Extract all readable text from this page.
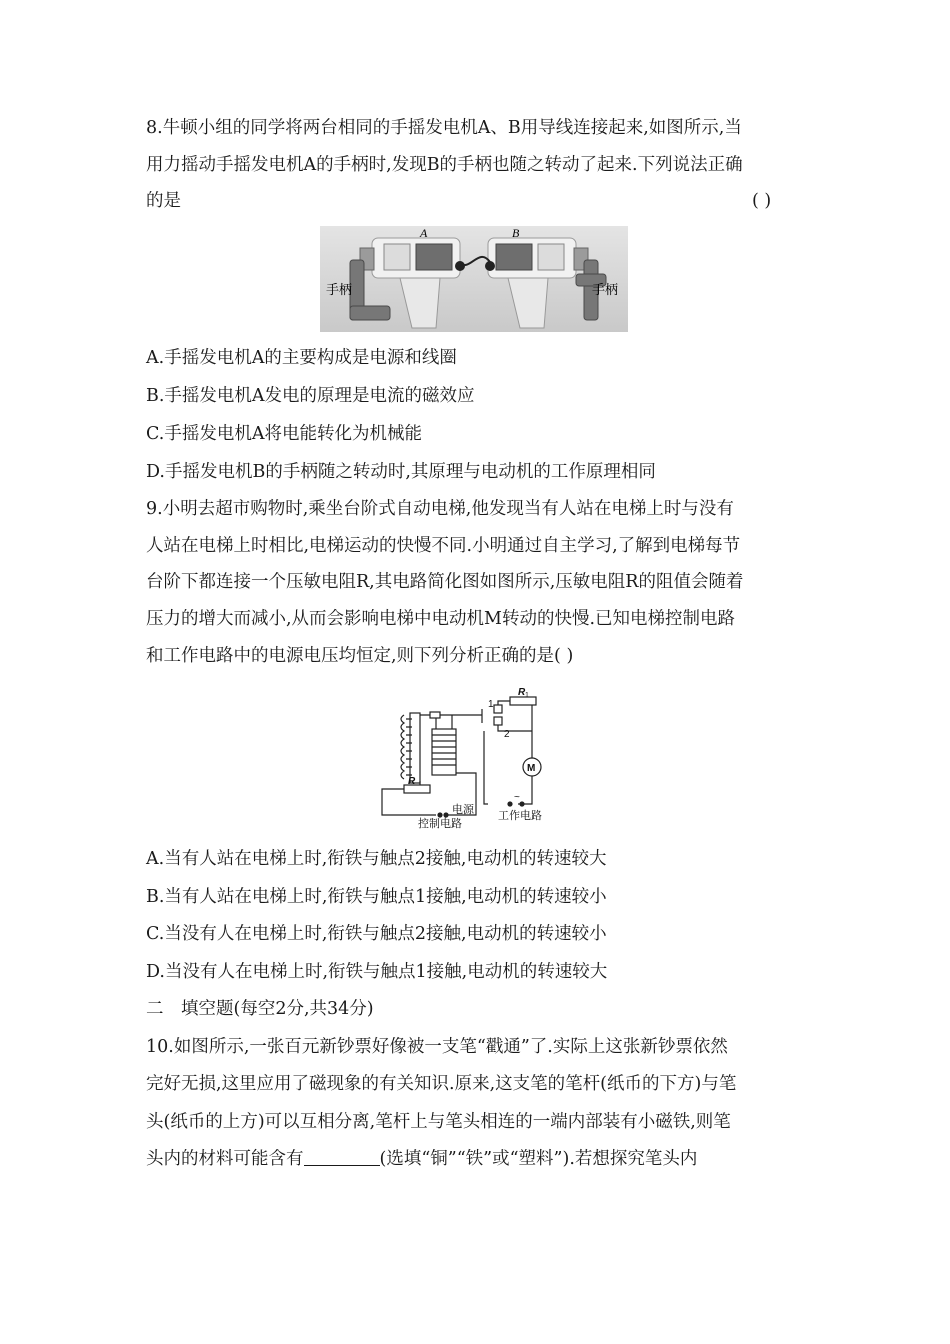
8.牛顿小组的同学将两台相同的手摇发电机A、B用导线连接起来,如图所示,当
用力摇动手摇发电机A的手柄时,发现B的手柄也随之转动了起来.下列说法正确
的是	( )
A	B
手柄	手柄
A.手摇发电机A的主要构成是电源和线圈
B.手摇发电机A发电的原理是电流的磁效应
C.手摇发电机A将电能转化为机械能
D.手摇发电机B的手柄随之转动时,其原理与电动机的工作原理相同
9.小明去超市购物时,乘坐台阶式自动电梯,他发现当有人站在电梯上时与没有
人站在电梯上时相比,电梯运动的快慢不同.小明通过自主学习,了解到电梯每节
台阶下都连接一个压敏电阻R,其电路简化图如图所示,压敏电阻R的阻值会随着
压力的增大而减小,从而会影响电梯中电动机M转动的快慢.已知电梯控制电路
和工作电路中的电源电压均恒定,则下列分析正确的是( )
1
2
R 1
R
M
~
电源
控制电路
工作电路
A.当有人站在电梯上时,衔铁与触点2接触,电动机的转速较大
B.当有人站在电梯上时,衔铁与触点1接触,电动机的转速较小
C.当没有人在电梯上时,衔铁与触点2接触,电动机的转速较小
D.当没有人在电梯上时,衔铁与触点1接触,电动机的转速较大
二　填空题(每空2分,共34分)
10.如图所示,一张百元新钞票好像被一支笔“戳通”了.实际上这张新钞票依然
完好无损,这里应用了磁现象的有关知识.原来,这支笔的笔杆(纸币的下方)与笔
头(纸币的上方)可以互相分离,笔杆上与笔头相连的一端内部装有小磁铁,则笔
头内的材料可能含有	(选填“铜”“铁”或“塑料”).若想探究笔头内
